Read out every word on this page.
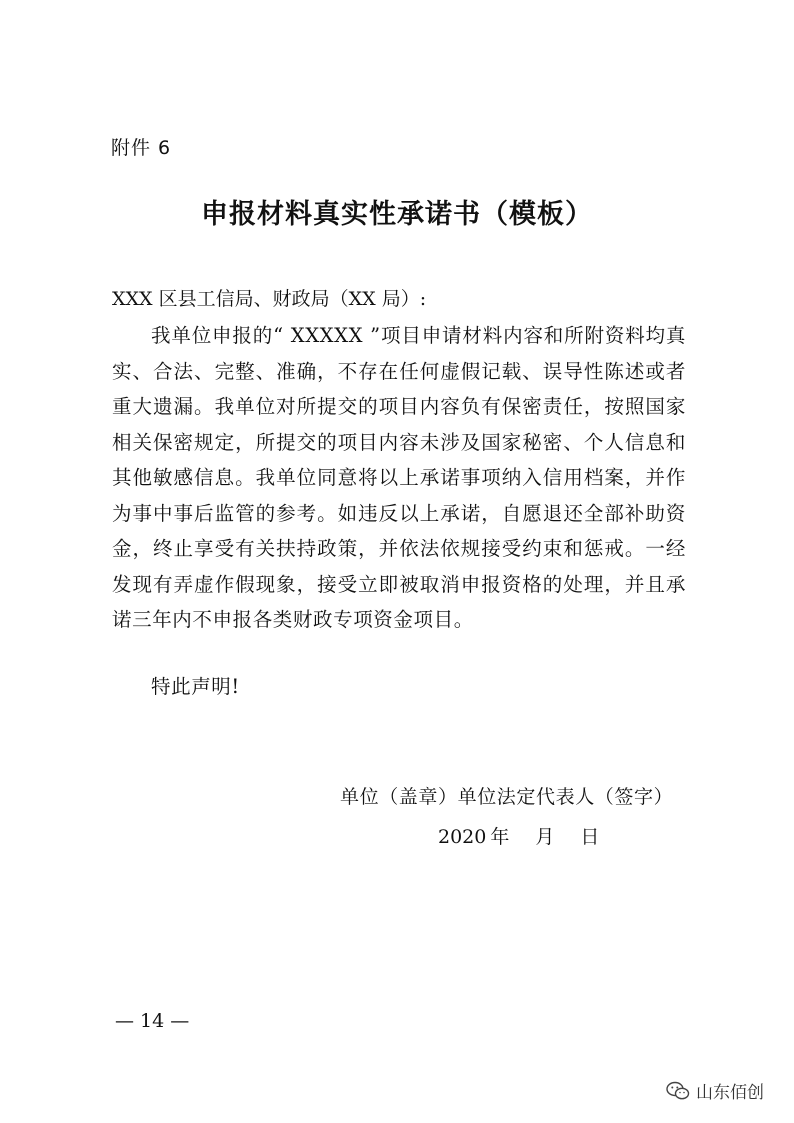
附件 6
申报材料真实性承诺书（模板）
XXX 区县工信局、财政局（XX 局）:

我单位申报的“ XXXXX ”项目申请材料内容和所附资料均真实、合法、完整、准确，不存在任何虚假记载、误导性陈述或者重大遗漏。我单位对所提交的项目内容负有保密责任，按照国家相关保密规定，所提交的项目内容未涉及国家秘密、个人信息和其他敏感信息。我单位同意将以上承诺事项纳入信用档案，并作为事中事后监管的参考。如违反以上承诺，自愿退还全部补助资金，终止享受有关扶持政策，并依法依规接受约束和惩戒。一经发现有弄虚作假现象，接受立即被取消申报资格的处理，并且承诺三年内不申报各类财政专项资金项目。

特此声明!
单位（盖章）单位法定代表人（签字）
2020 年 月 日
— 14 —
山东佰创
